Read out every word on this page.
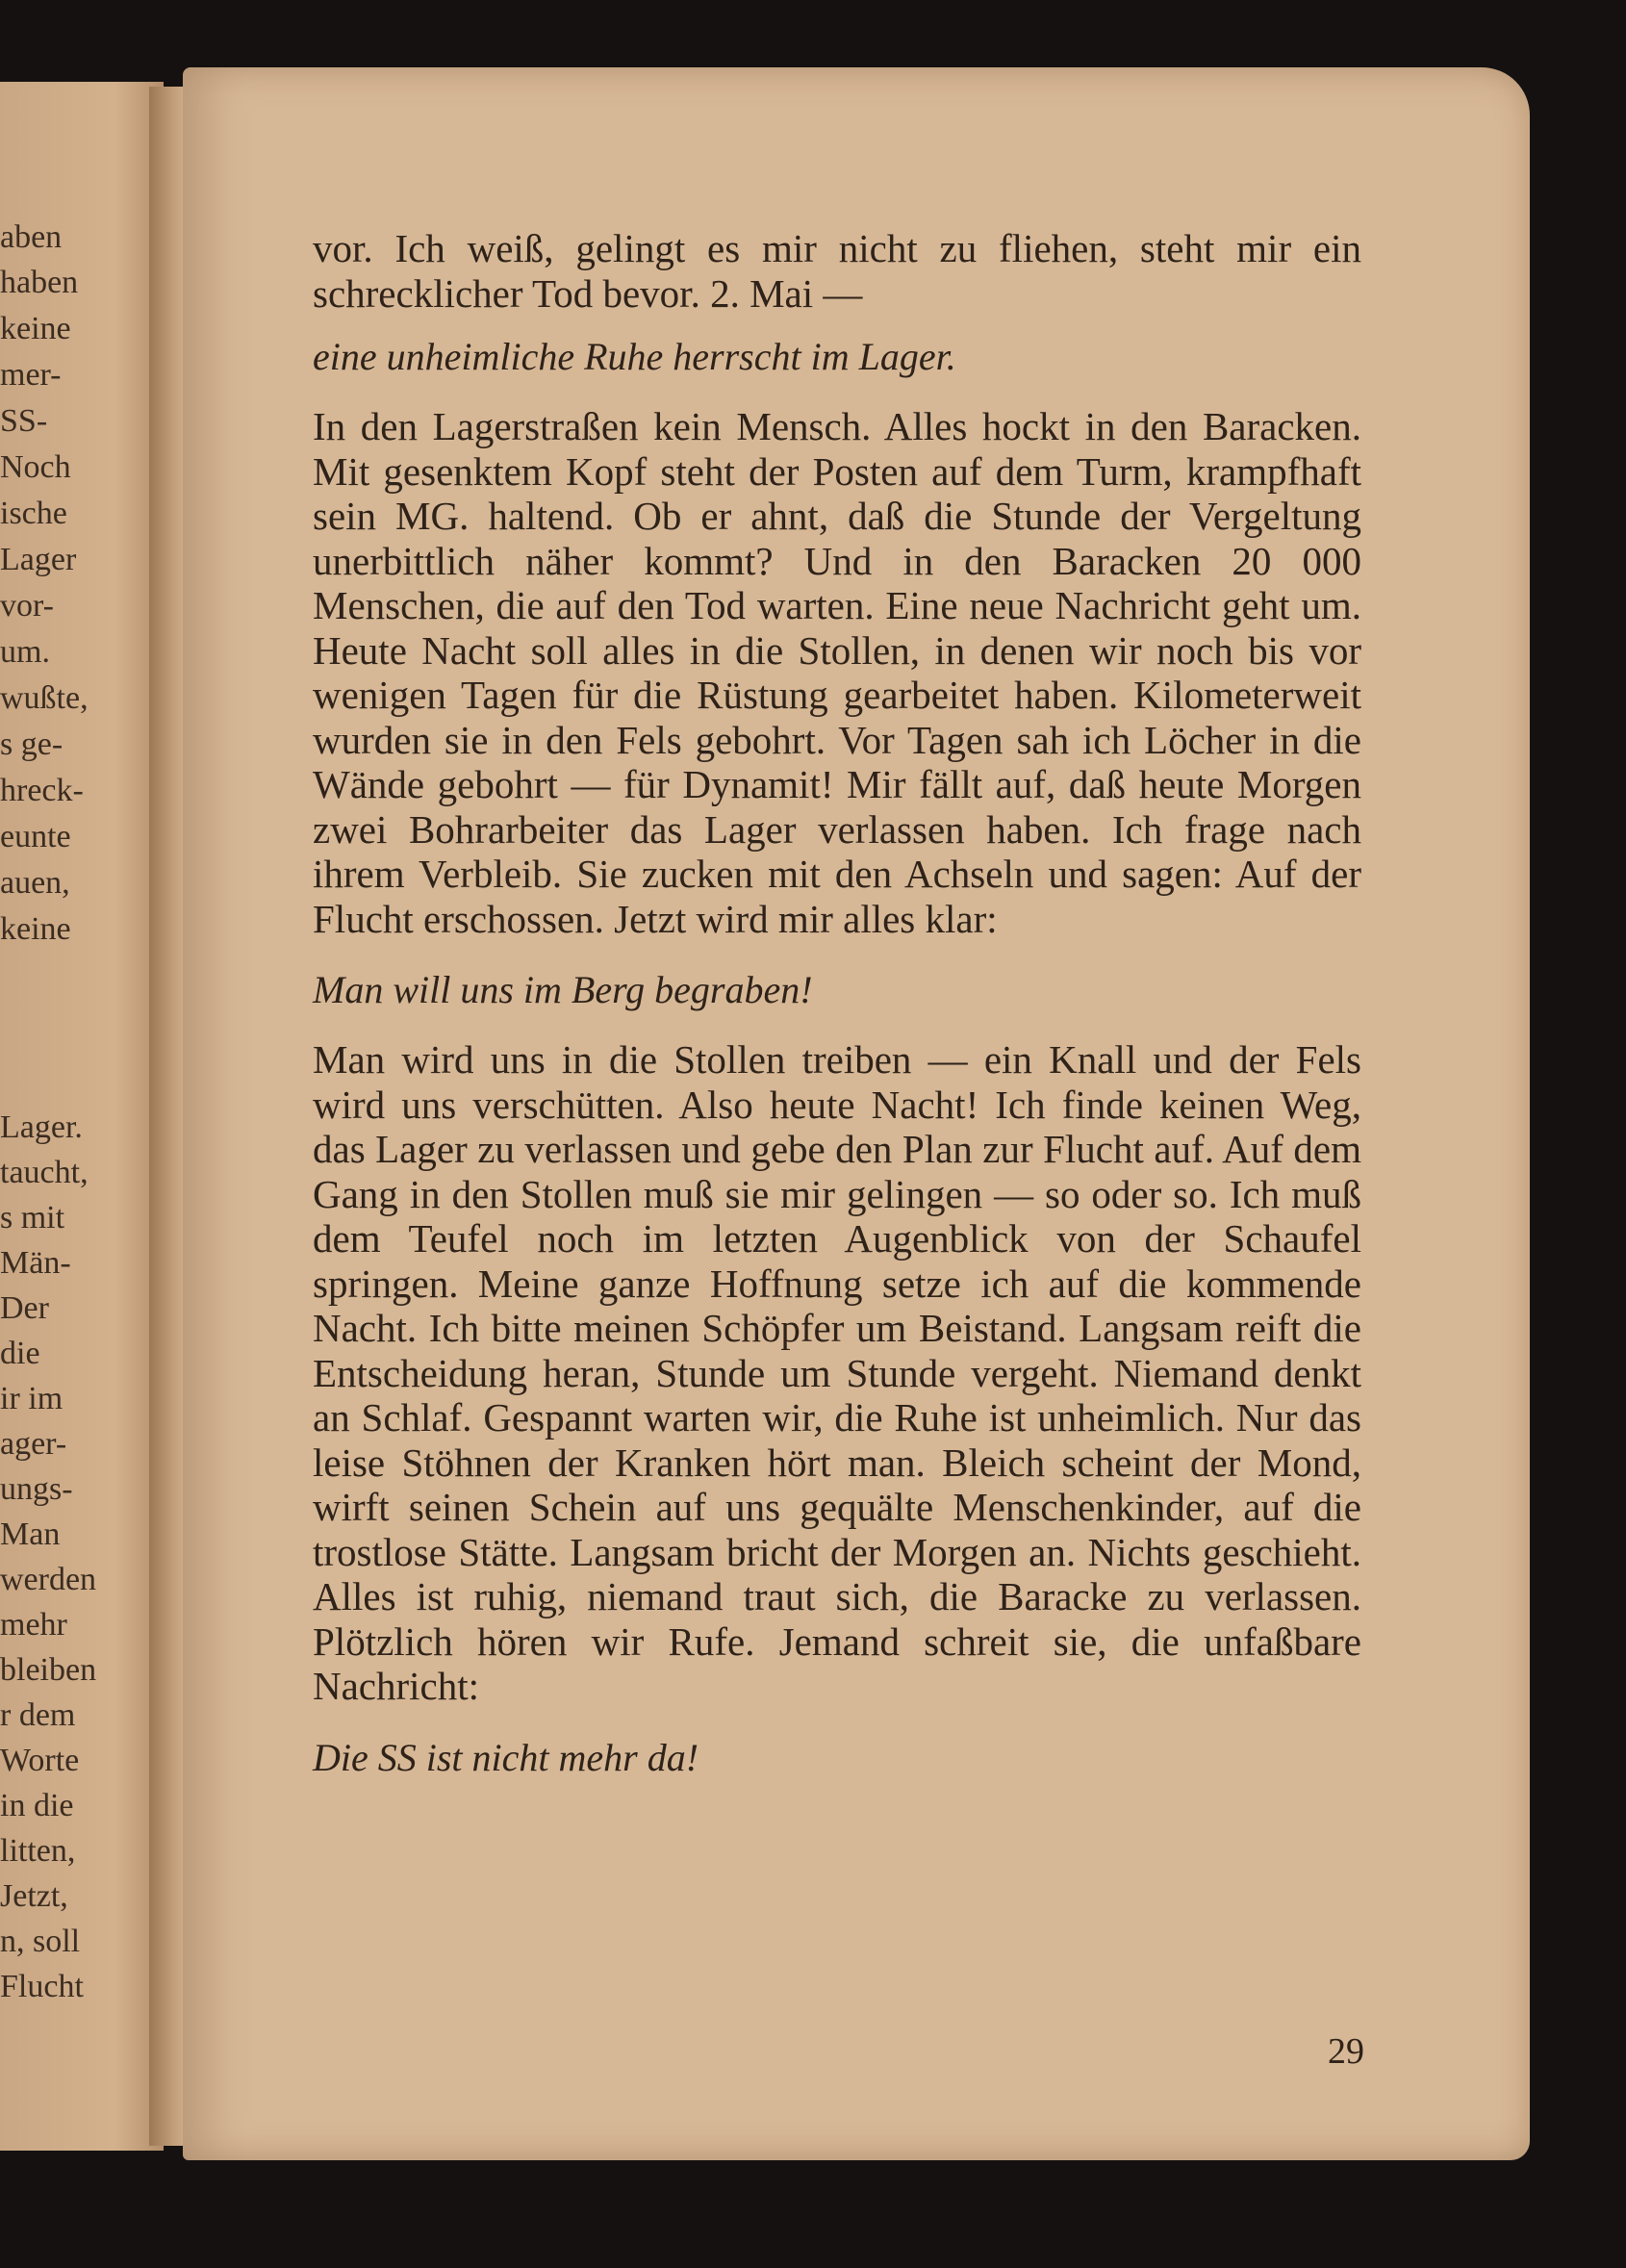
aben
haben
keine
mer-
SS-
Noch
ische
Lager
vor-
um.
wußte,
s ge-
hreck-
eunte
auen,
keine
Lager.
taucht,
s mit
Män-
Der
die
ir im
ager-
ungs-
Man
werden
mehr
bleiben
r dem
Worte
in die
litten,
Jetzt,
n, soll
Flucht

vor. Ich weiß, gelingt es mir nicht zu fliehen, steht mir ein schrecklicher Tod bevor. 2. Mai —

eine unheimliche Ruhe herrscht im Lager.

In den Lagerstraßen kein Mensch. Alles hockt in den Baracken. Mit gesenktem Kopf steht der Posten auf dem Turm, krampfhaft sein MG. haltend. Ob er ahnt, daß die Stunde der Vergeltung unerbittlich näher kommt? Und in den Baracken 20 000 Menschen, die auf den Tod warten. Eine neue Nachricht geht um. Heute Nacht soll alles in die Stollen, in denen wir noch bis vor wenigen Tagen für die Rüstung gearbeitet haben. Kilometerweit wurden sie in den Fels gebohrt. Vor Tagen sah ich Löcher in die Wände gebohrt — für Dynamit! Mir fällt auf, daß heute Morgen zwei Bohrarbeiter das Lager verlassen haben. Ich frage nach ihrem Verbleib. Sie zucken mit den Achseln und sagen: Auf der Flucht erschossen. Jetzt wird mir alles klar:

Man will uns im Berg begraben!

Man wird uns in die Stollen treiben — ein Knall und der Fels wird uns verschütten. Also heute Nacht! Ich finde keinen Weg, das Lager zu verlassen und gebe den Plan zur Flucht auf. Auf dem Gang in den Stollen muß sie mir gelingen — so oder so. Ich muß dem Teufel noch im letzten Augenblick von der Schaufel springen. Meine ganze Hoffnung setze ich auf die kommende Nacht. Ich bitte meinen Schöpfer um Beistand. Langsam reift die Entscheidung heran, Stunde um Stunde vergeht. Niemand denkt an Schlaf. Gespannt warten wir, die Ruhe ist unheimlich. Nur das leise Stöhnen der Kranken hört man. Bleich scheint der Mond, wirft seinen Schein auf uns gequälte Menschenkinder, auf die trostlose Stätte. Langsam bricht der Morgen an. Nichts geschieht. Alles ist ruhig, niemand traut sich, die Baracke zu verlassen. Plötzlich hören wir Rufe. Jemand schreit sie, die unfaßbare Nachricht:

Die SS ist nicht mehr da!

29
